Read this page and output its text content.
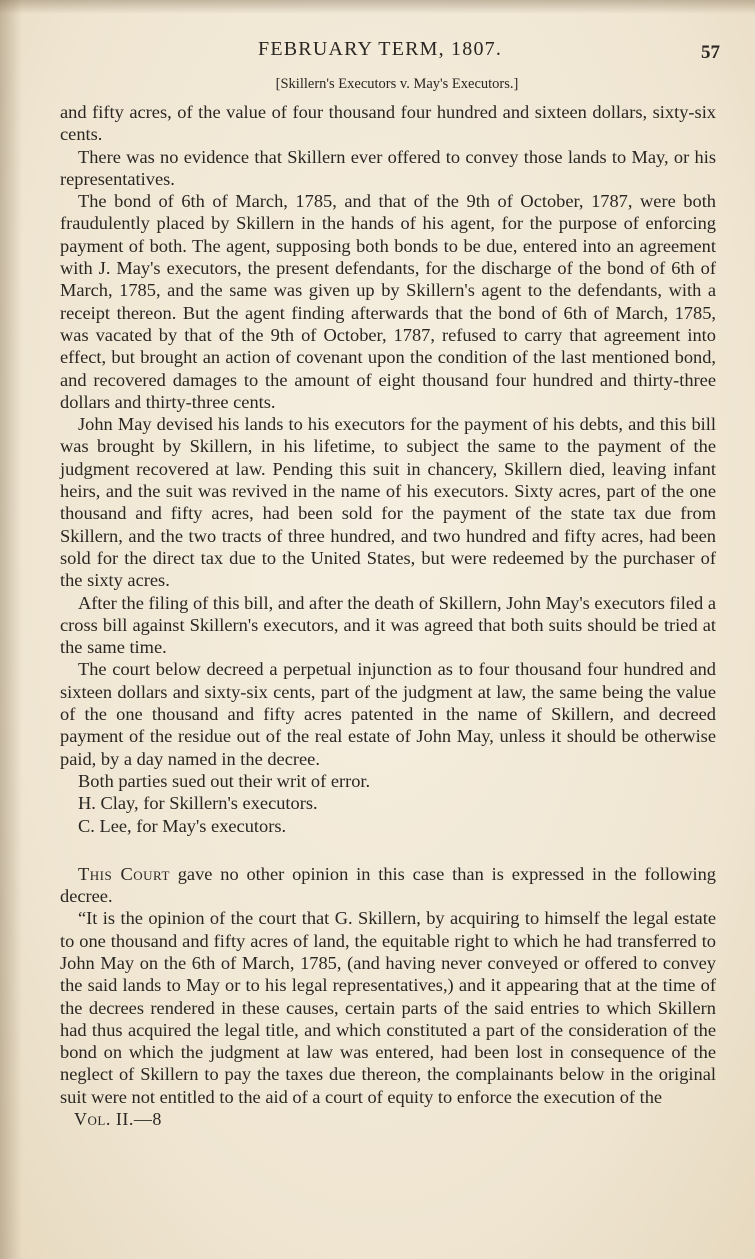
FEBRUARY TERM, 1807.	57
[Skillern's Executors v. May's Executors.]

and fifty acres, of the value of four thousand four hundred and sixteen dollars, sixty-six cents.

There was no evidence that Skillern ever offered to convey those lands to May, or his representatives.

The bond of 6th of March, 1785, and that of the 9th of October, 1787, were both fraudulently placed by Skillern in the hands of his agent, for the purpose of enforcing payment of both. The agent, supposing both bonds to be due, entered into an agreement with J. May's executors, the present defendants, for the discharge of the bond of 6th of March, 1785, and the same was given up by Skillern's agent to the defendants, with a receipt thereon. But the agent finding afterwards that the bond of 6th of March, 1785, was vacated by that of the 9th of October, 1787, refused to carry that agreement into effect, but brought an action of covenant upon the condition of the last mentioned bond, and recovered damages to the amount of eight thousand four hundred and thirty-three dollars and thirty-three cents.

John May devised his lands to his executors for the payment of his debts, and this bill was brought by Skillern, in his lifetime, to subject the same to the payment of the judgment recovered at law. Pending this suit in chancery, Skillern died, leaving infant heirs, and the suit was revived in the name of his executors. Sixty acres, part of the one thousand and fifty acres, had been sold for the payment of the state tax due from Skillern, and the two tracts of three hundred, and two hundred and fifty acres, had been sold for the direct tax due to the United States, but were redeemed by the purchaser of the sixty acres.

After the filing of this bill, and after the death of Skillern, John May's executors filed a cross bill against Skillern's executors, and it was agreed that both suits should be tried at the same time.

The court below decreed a perpetual injunction as to four thousand four hundred and sixteen dollars and sixty-six cents, part of the judgment at law, the same being the value of the one thousand and fifty acres patented in the name of Skillern, and decreed payment of the residue out of the real estate of John May, unless it should be otherwise paid, by a day named in the decree.

Both parties sued out their writ of error.

H. Clay, for Skillern's executors.

C. Lee, for May's executors.

This Court gave no other opinion in this case than is expressed in the following decree.

“It is the opinion of the court that G. Skillern, by acquiring to himself the legal estate to one thousand and fifty acres of land, the equitable right to which he had transferred to John May on the 6th of March, 1785, (and having never conveyed or offered to convey the said lands to May or to his legal representatives,) and it appearing that at the time of the decrees rendered in these causes, certain parts of the said entries to which Skillern had thus acquired the legal title, and which constituted a part of the consideration of the bond on which the judgment at law was entered, had been lost in consequence of the neglect of Skillern to pay the taxes due thereon, the complainants below in the original suit were not entitled to the aid of a court of equity to enforce the execution of the

Vol. II.—8
